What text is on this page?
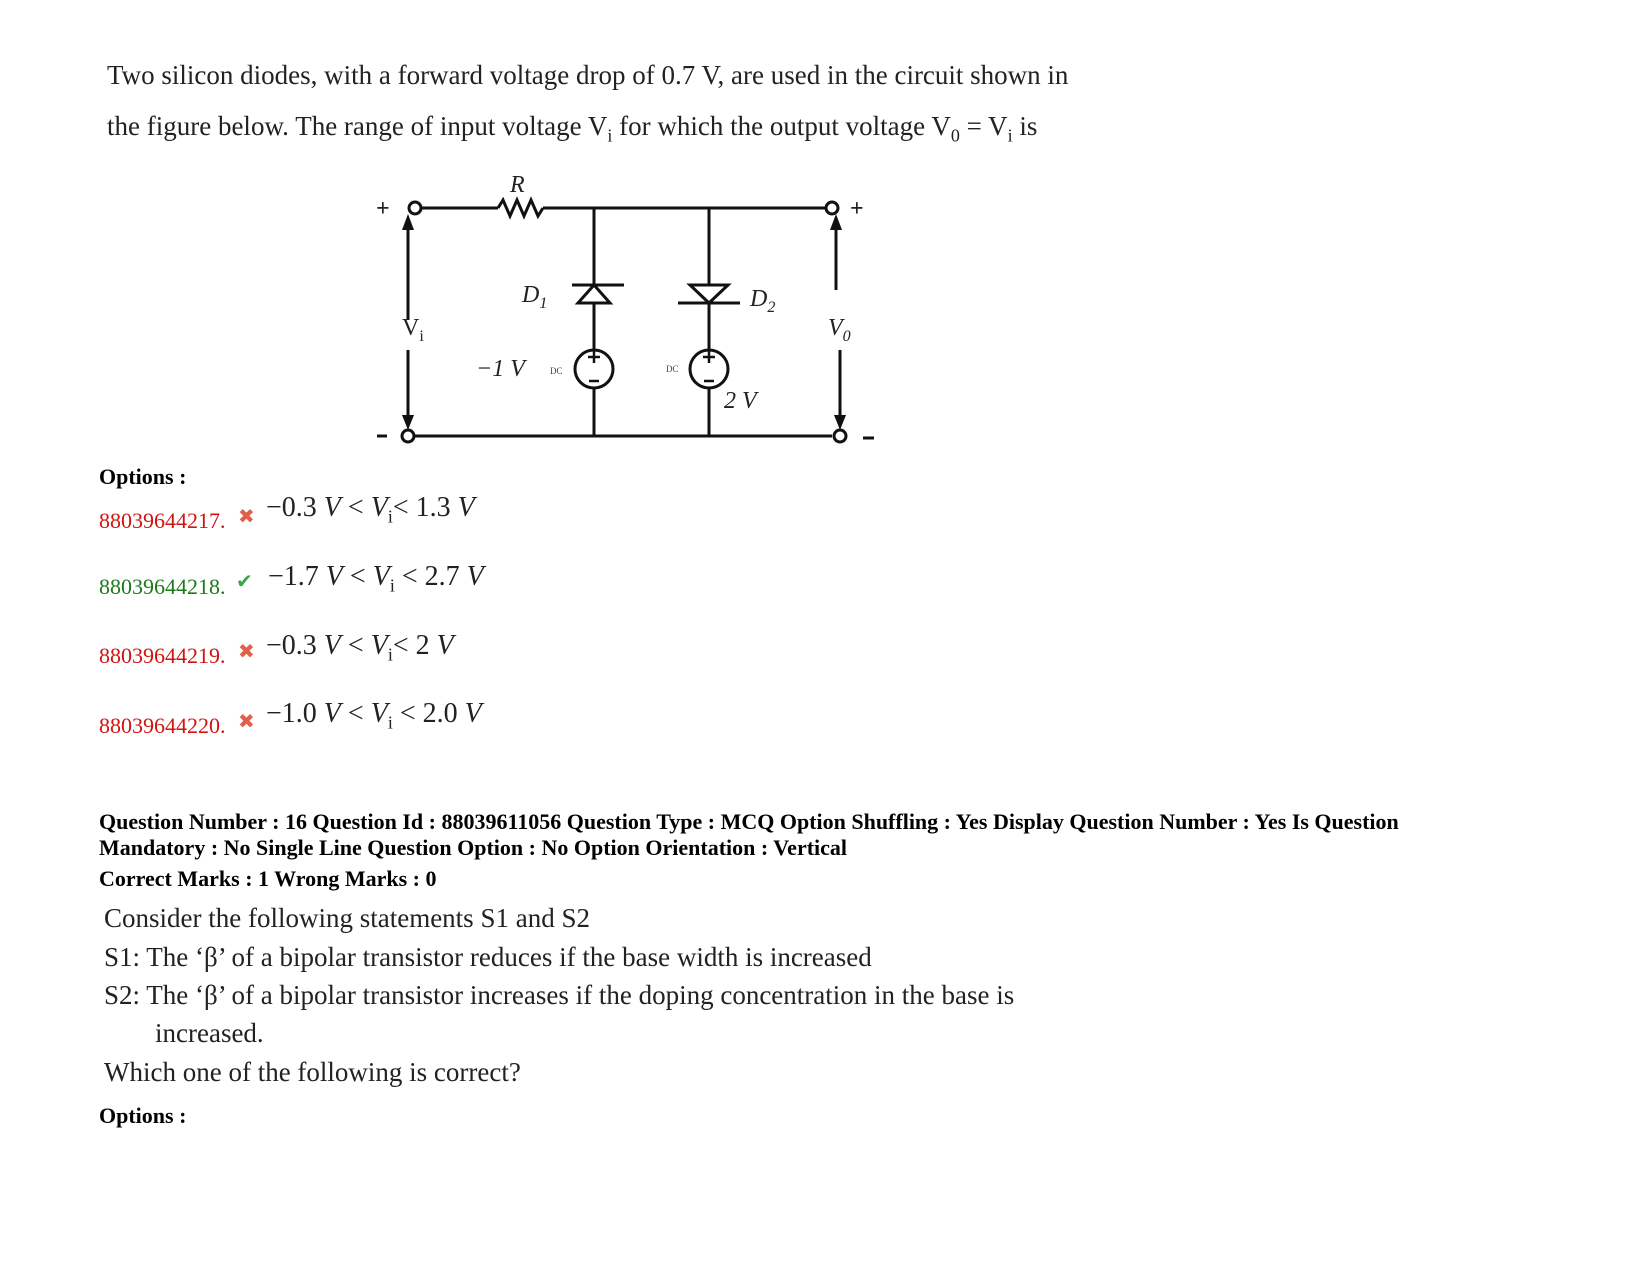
Two silicon diodes, with a forward voltage drop of 0.7 V, are used in the circuit shown in
the figure below. The range of input voltage $V_i$ for which the output voltage $V_0 = V_i$ is
R
+	+
$D_1$	$D_2$
$V_i$	$V_0$
−1 V	DC	DC
2 V
Options :
88039644217. ✖ −0.3 $V < V_i< 1.3$ V
88039644218. ✔ −1.7 $V < V_i < 2.7$ V
88039644219. ✖ −0.3 $V < V_i< 2$ V
88039644220. ✖ −1.0 $V < V_i < 2.0$ V
Question Number : 16 Question Id : 88039611056 Question Type : MCQ Option Shuffling : Yes Display Question Number : Yes Is Question
Mandatory : No Single Line Question Option : No Option Orientation : Vertical
Correct Marks : 1 Wrong Marks : 0
Consider the following statements S1 and S2
S1: The ‘β’ of a bipolar transistor reduces if the base width is increased
S2: The ‘β’ of a bipolar transistor increases if the doping concentration in the base is
increased.
Which one of the following is correct?
Options :
